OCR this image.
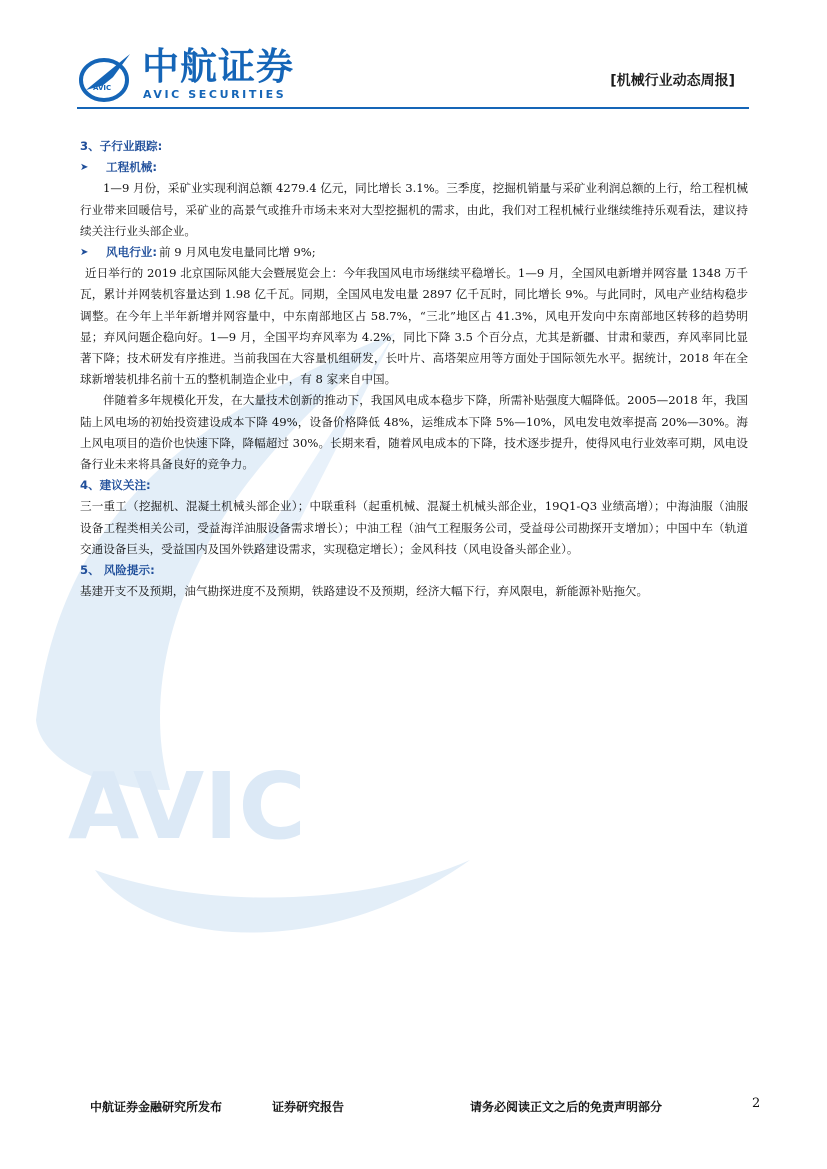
AVIC
AVIC 中航证券
AVIC SECURITIES
[机械行业动态周报]
3、子行业跟踪:
➤	工程机械:

1—9 月份，采矿业实现利润总额 4279.4 亿元，同比增长 3.1%。三季度，挖掘机销量与采矿业利润总额的上行，给工程机械行业带来回暖信号，采矿业的高景气或推升市场未来对大型挖掘机的需求，由此，我们对工程机械行业继续维持乐观看法，建议持续关注行业头部企业。

➤	风电行业: 前 9 月风电发电量同比增 9%;

近日举行的 2019 北京国际风能大会暨展览会上：今年我国风电市场继续平稳增长。1—9 月，全国风电新增并网容量 1348 万千瓦，累计并网装机容量达到 1.98 亿千瓦。同期，全国风电发电量 2897 亿千瓦时，同比增长 9%。与此同时，风电产业结构稳步调整。在今年上半年新增并网容量中，中东南部地区占 58.7%，“三北”地区占 41.3%，风电开发向中东南部地区转移的趋势明显；弃风问题企稳向好。1—9 月，全国平均弃风率为 4.2%，同比下降 3.5 个百分点，尤其是新疆、甘肃和蒙西，弃风率同比显著下降；技术研发有序推进。当前我国在大容量机组研发，长叶片、高塔架应用等方面处于国际领先水平。据统计，2018 年在全球新增装机排名前十五的整机制造企业中，有 8 家来自中国。

伴随着多年规模化开发，在大量技术创新的推动下，我国风电成本稳步下降，所需补贴强度大幅降低。2005—2018 年，我国陆上风电场的初始投资建设成本下降 49%，设备价格降低 48%，运维成本下降 5%—10%，风电发电效率提高 20%—30%。海上风电项目的造价也快速下降，降幅超过 30%。长期来看，随着风电成本的下降，技术逐步提升，使得风电行业效率可期，风电设备行业未来将具备良好的竞争力。

4、建议关注:

三一重工（挖掘机、混凝土机械头部企业）；中联重科（起重机械、混凝土机械头部企业，19Q1-Q3 业绩高增）；中海油服（油服设备工程类相关公司，受益海洋油服设备需求增长）；中油工程（油气工程服务公司，受益母公司勘探开支增加）；中国中车（轨道交通设备巨头，受益国内及国外铁路建设需求，实现稳定增长）；金风科技（风电设备头部企业）。

5、 风险提示:

基建开支不及预期，油气勘探进度不及预期，铁路建设不及预期，经济大幅下行，弃风限电，新能源补贴拖欠。

中航证券金融研究所发布	证券研究报告	请务必阅读正文之后的免责声明部分	2
